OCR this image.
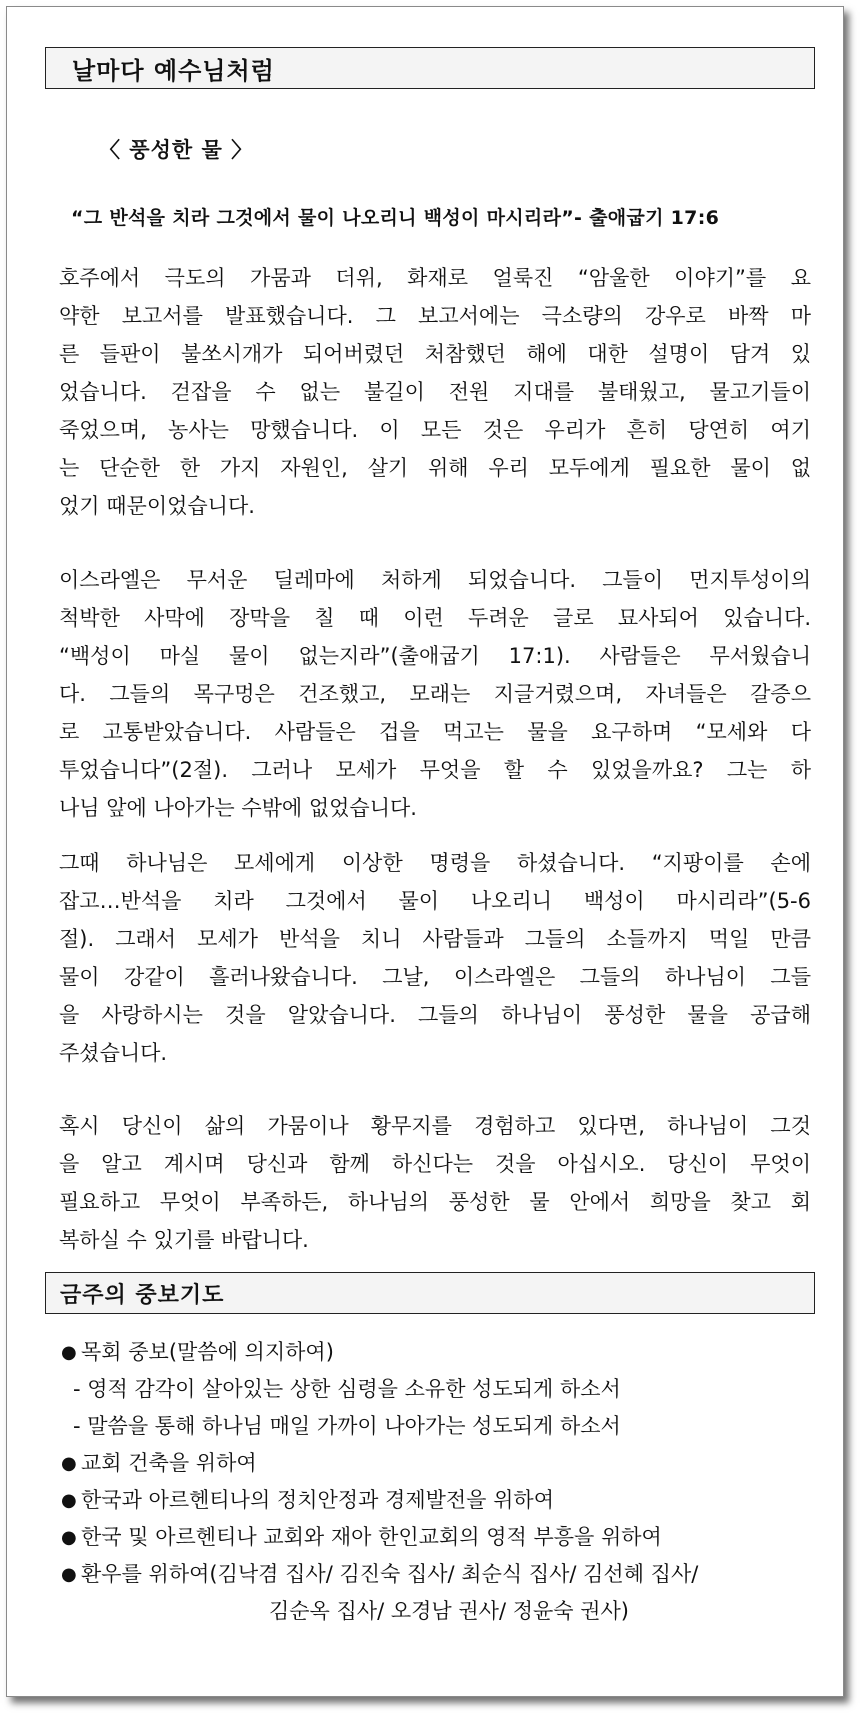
날마다 예수님처럼
〈 풍성한 물 〉
“그 반석을 치라 그것에서 물이 나오리니 백성이 마시리라”- 출애굽기 17:6
호주에서 극도의 가뭄과 더위, 화재로 얼룩진 “암울한 이야기”를 요
약한 보고서를 발표했습니다. 그 보고서에는 극소량의 강우로 바짝 마
른 들판이 불쏘시개가 되어버렸던 처참했던 해에 대한 설명이 담겨 있
었습니다. 걷잡을 수 없는 불길이 전원 지대를 불태웠고, 물고기들이
죽었으며, 농사는 망했습니다. 이 모든 것은 우리가 흔히 당연히 여기
는 단순한 한 가지 자원인, 살기 위해 우리 모두에게 필요한 물이 없
었기 때문이었습니다.
이스라엘은 무서운 딜레마에 처하게 되었습니다. 그들이 먼지투성이의
척박한 사막에 장막을 칠 때 이런 두려운 글로 묘사되어 있습니다.
“백성이 마실 물이 없는지라”(출애굽기 17:1). 사람들은 무서웠습니
다. 그들의 목구멍은 건조했고, 모래는 지글거렸으며, 자녀들은 갈증으
로 고통받았습니다. 사람들은 겁을 먹고는 물을 요구하며 “모세와 다
투었습니다”(2절). 그러나 모세가 무엇을 할 수 있었을까요? 그는 하
나님 앞에 나아가는 수밖에 없었습니다.
그때 하나님은 모세에게 이상한 명령을 하셨습니다. “지팡이를 손에
잡고…반석을 치라 그것에서 물이 나오리니 백성이 마시리라”(5-6
절). 그래서 모세가 반석을 치니 사람들과 그들의 소들까지 먹일 만큼
물이 강같이 흘러나왔습니다. 그날, 이스라엘은 그들의 하나님이 그들
을 사랑하시는 것을 알았습니다. 그들의 하나님이 풍성한 물을 공급해
주셨습니다.
혹시 당신이 삶의 가뭄이나 황무지를 경험하고 있다면, 하나님이 그것
을 알고 계시며 당신과 함께 하신다는 것을 아십시오. 당신이 무엇이
필요하고 무엇이 부족하든, 하나님의 풍성한 물 안에서 희망을 찾고 회
복하실 수 있기를 바랍니다.
금주의 중보기도
● 목회 중보(말씀에 의지하여)
- 영적 감각이 살아있는 상한 심령을 소유한 성도되게 하소서
- 말씀을 통해 하나님 매일 가까이 나아가는 성도되게 하소서
● 교회 건축을 위하여
● 한국과 아르헨티나의 정치안정과 경제발전을 위하여
● 한국 및 아르헨티나 교회와 재아 한인교회의 영적 부흥을 위하여
● 환우를 위하여(김낙겸 집사/ 김진숙 집사/ 최순식 집사/ 김선혜 집사/
김순옥 집사/ 오경남 권사/ 정윤숙 권사)
